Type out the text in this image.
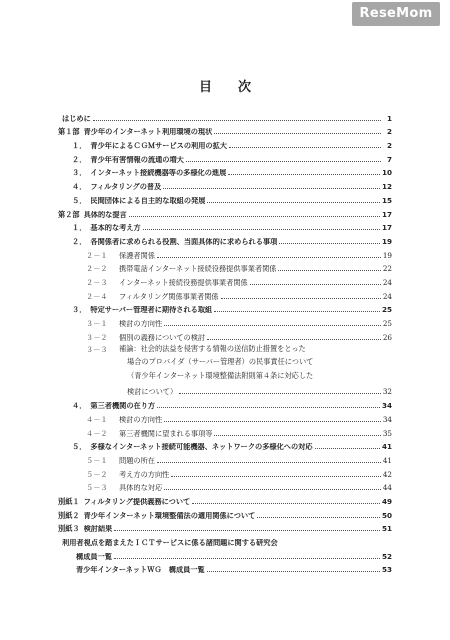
ReseMom
目次
はじめに	1
第１部 青少年のインターネット利用環境の現状	2
１． 青少年によるＣＧＭサービスの利用の拡大	2
２． 青少年有害情報の流通の増大	7
３． インターネット接続機器等の多様化の進展	10
４． フィルタリングの普及	12
５． 民間団体による自主的な取組の発展	15
第２部 具体的な提言	17
１． 基本的な考え方	17
２． 各関係者に求められる役割、当面具体的に求められる事項	19
２－１	保護者関係	19
２－２	携帯電話インターネット接続役務提供事業者関係	22
２－３	インターネット接続役務提供事業者関係	24
２－４	フィルタリング関係事業者関係	24
３． 特定サーバー管理者に期待される取組	25
３－１	検討の方向性	25
３－２	個別の義務についての検討	26
３－３	補論：社会的法益を侵害する情報の送信防止措置をとった
場合のプロバイダ（サーバー管理者）の民事責任について
（青少年インターネット環境整備法附則第４条に対応した
検討について）	32
４． 第三者機関の在り方	34
４－１	検討の方向性	34
４－２	第三者機関に望まれる事項等	35
５． 多様なインターネット接続可能機器、ネットワークの多様化への対応	41
５－１	問題の所在	41
５－２	考え方の方向性	42
５－３	具体的な対応	44
別紙１ フィルタリング提供義務について	49
別紙２ 青少年インターネット環境整備法の適用関係について	50
別紙３ 検討結果	51
利用者視点を踏まえたＩＣＴサービスに係る諸問題に関する研究会
構成員一覧	52
青少年インターネットＷＧ　構成員一覧	53
